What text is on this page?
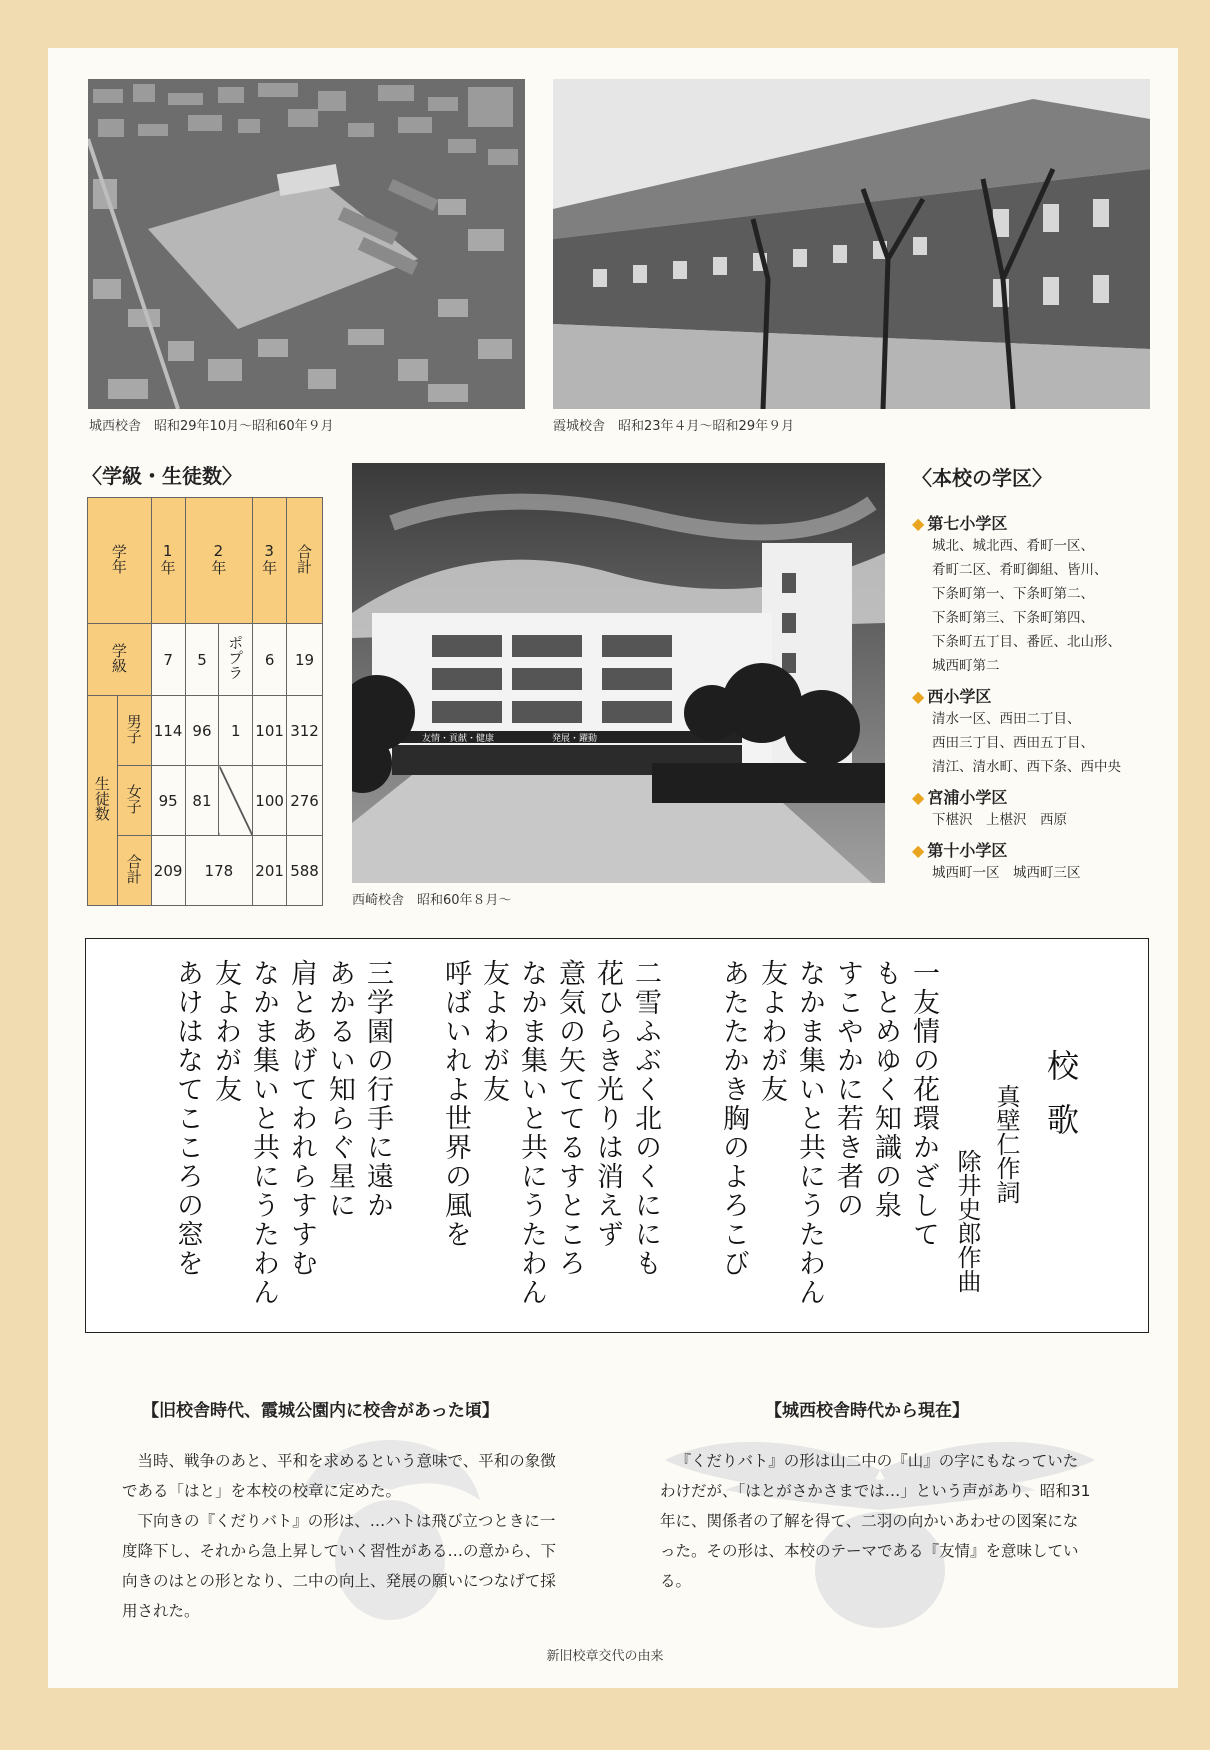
城西校舎　昭和29年10月～昭和60年９月	霞城校舎　昭和23年４月～昭和29年９月
〈学級・生徒数〉
学年		1年	2年		3年	合計
学級		7	5	ポプラ	6	19
生徒数	男子	114	96	1	101	312
	女子	95	81		100	276
	合計	209	178		201	588
友情・貢献・健康	発展・躍動
西崎校舎　昭和60年８月～
〈本校の学区〉
◆ 第七小学区
城北、城北西、肴町一区、
肴町二区、肴町御組、皆川、
下条町第一、下条町第二、
下条町第三、下条町第四、
下条町五丁目、番匠、北山形、
城西町第二
◆ 西小学区
清水一区、西田二丁目、
西田三丁目、西田五丁目、
清江、清水町、西下条、西中央
◆ 宮浦小学区
下椹沢　上椹沢　西原
◆ 第十小学区
城西町一区　城西町三区
校歌
真壁仁作詞
除井史郎作曲
一友情の花環かざして
もとめゆく知識の泉
すこやかに若き者の
なかま集いと共にうたわん
友よわが友
あたたかき胸のよろこび
二雪ふぶく北のくににも
花ひらき光りは消えず
意気の矢ててるすところ
なかま集いと共にうたわん
友よわが友
呼ばいれよ世界の風を
三学園の行手に遠か
あかるい知らぐ星に
肩とあげてわれらすすむ
なかま集いと共にうたわん
友よわが友
あけはなてこころの窓を
【旧校舎時代、霞城公園内に校舎があった頃】

当時、戦争のあと、平和を求めるという意味で、平和の象徴である「はと」を本校の校章に定めた。

下向きの『くだりバト』の形は、…ハトは飛び立つときに一度降下し、それから急上昇していく習性がある…の意から、下向きのはとの形となり、二中の向上、発展の願いにつなげて採用された。

【城西校舎時代から現在】

『くだりバト』の形は山二中の『山』の字にもなっていたわけだが、「はとがさかさまでは…」という声があり、昭和31年に、関係者の了解を得て、二羽の向かいあわせの図案になった。その形は、本校のテーマである『友情』を意味している。

新旧校章交代の由来
